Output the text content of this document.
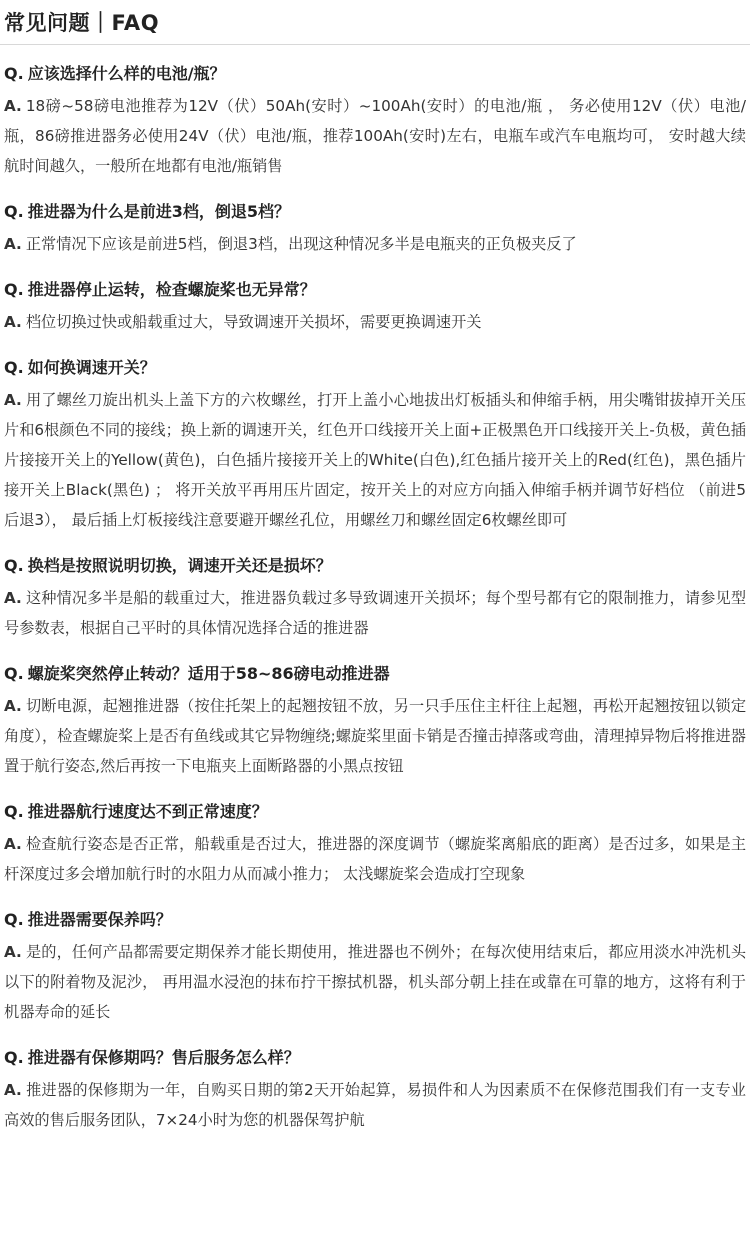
常见问题｜FAQ
Q. 应该选择什么样的电池/瓶？
A. 18磅~58磅电池推荐为12V（伏）50Ah(安时）~100Ah(安时）的电池/瓶 ， 务必使用12V（伏）电池/瓶，86磅推进器务必使用24V（伏）电池/瓶，推荐100Ah(安时)左右，电瓶车或汽车电瓶均可， 安时越大续航时间越久，一般所在地都有电池/瓶销售
Q. 推进器为什么是前进3档，倒退5档？
A. 正常情况下应该是前进5档，倒退3档，出现这种情况多半是电瓶夹的正负极夹反了
Q. 推进器停止运转，检查螺旋桨也无异常？
A. 档位切换过快或船载重过大，导致调速开关损坏，需要更换调速开关
Q. 如何换调速开关？
A. 用了螺丝刀旋出机头上盖下方的六枚螺丝，打开上盖小心地拔出灯板插头和伸缩手柄，用尖嘴钳拔掉开关压片和6根颜色不同的接线；换上新的调速开关，红色开口线接开关上面+正极黑色开口线接开关上-负极，黄色插片接接开关上的Yellow(黄色)，白色插片接接开关上的White(白色),红色插片接开关上的Red(红色)，黑色插片接开关上Black(黑色) ； 将开关放平再用压片固定，按开关上的对应方向插入伸缩手柄并调节好档位 （前进5 后退3）， 最后插上灯板接线注意要避开螺丝孔位，用螺丝刀和螺丝固定6枚螺丝即可
Q. 换档是按照说明切换，调速开关还是损坏？
A. 这种情况多半是船的载重过大，推进器负载过多导致调速开关损坏；每个型号都有它的限制推力，请参见型号参数表，根据自己平时的具体情况选择合适的推进器
Q. 螺旋桨突然停止转动？适用于58~86磅电动推进器
A. 切断电源，起翘推进器（按住托架上的起翘按钮不放，另一只手压住主杆往上起翘，再松开起翘按钮以锁定角度），检查螺旋桨上是否有鱼线或其它异物缠绕;螺旋桨里面卡销是否撞击掉落或弯曲，清理掉异物后将推进器置于航行姿态,然后再按一下电瓶夹上面断路器的小黑点按钮
Q. 推进器航行速度达不到正常速度？
A. 检查航行姿态是否正常，船载重是否过大，推进器的深度调节（螺旋桨离船底的距离）是否过多，如果是主杆深度过多会增加航行时的水阻力从而减小推力； 太浅螺旋桨会造成打空现象
Q. 推进器需要保养吗？
A. 是的，任何产品都需要定期保养才能长期使用，推进器也不例外；在每次使用结束后，都应用淡水冲洗机头以下的附着物及泥沙， 再用温水浸泡的抹布拧干擦拭机器，机头部分朝上挂在或靠在可靠的地方，这将有利于机器寿命的延长
Q. 推进器有保修期吗？售后服务怎么样？
A. 推进器的保修期为一年，自购买日期的第2天开始起算，易损件和人为因素质不在保修范围我们有一支专业高效的售后服务团队，7×24小时为您的机器保驾护航
